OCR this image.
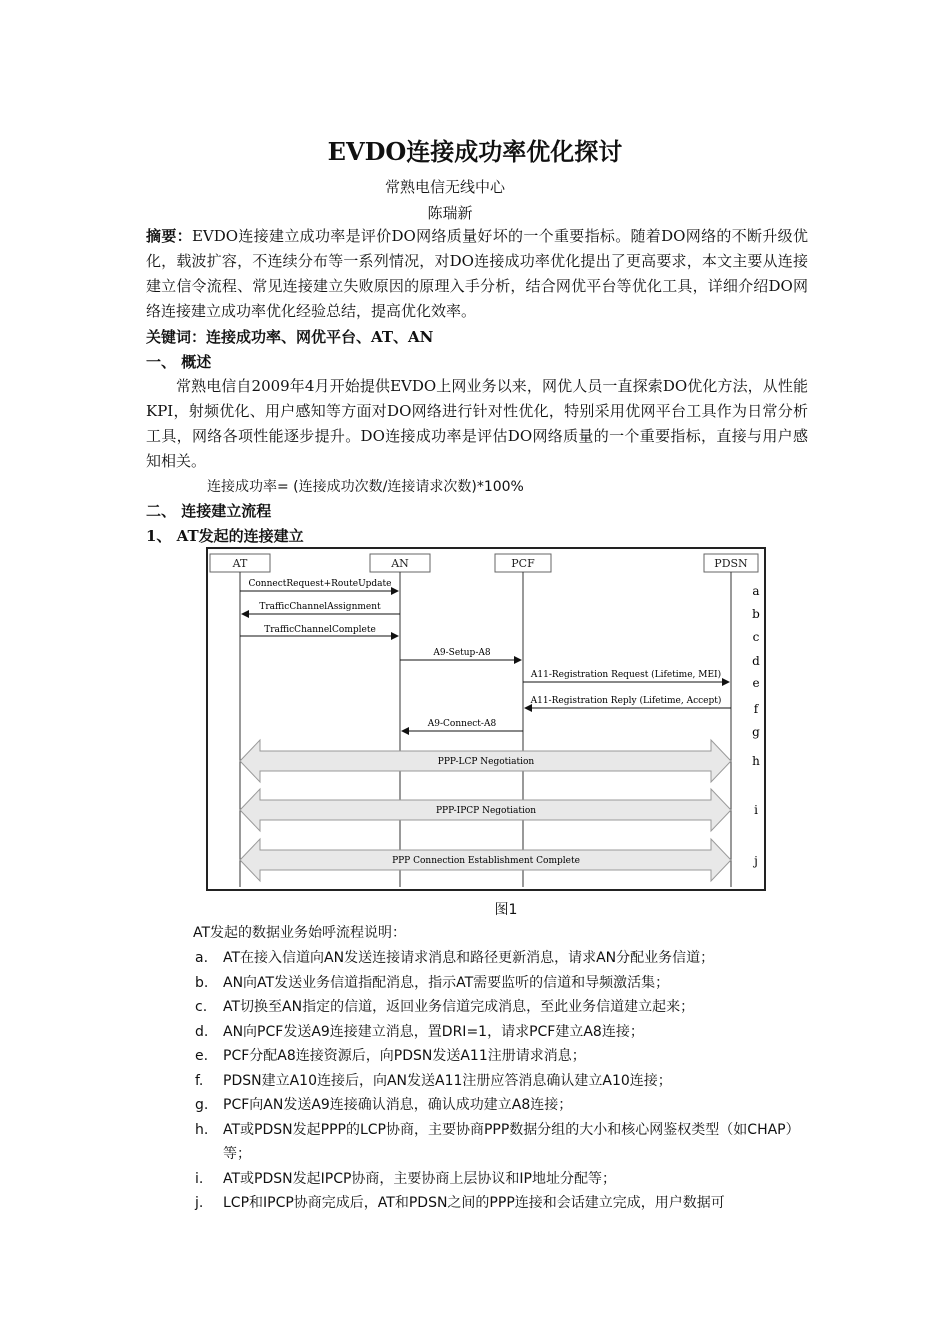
EVDO连接成功率优化探讨
常熟电信无线中心
陈瑞新
摘要：EVDO连接建立成功率是评价DO网络质量好坏的一个重要指标。随着DO网络的不断升级优化，载波扩容，不连续分布等一系列情况，对DO连接成功率优化提出了更高要求，本文主要从连接建立信令流程、常见连接建立失败原因的原理入手分析，结合网优平台等优化工具，详细介绍DO网络连接建立成功率优化经验总结，提高优化效率。
关键词：连接成功率、网优平台、AT、AN
一、 概述
常熟电信自2009年4月开始提供EVDO上网业务以来，网优人员一直探索DO优化方法，从性能KPI，射频优化、用户感知等方面对DO网络进行针对性优化，特别采用优网平台工具作为日常分析工具，网络各项性能逐步提升。DO连接成功率是评估DO网络质量的一个重要指标，直接与用户感知相关。
连接成功率= (连接成功次数/连接请求次数)*100%
二、 连接建立流程
1、 AT发起的连接建立
AT	AN	PCF	PDSN
ConnectRequest+RouteUpdate	a
TrafficChannelAssignment	b
TrafficChannelComplete	c
A9-Setup-A8
d
A11-Registration Request (Lifetime, MEI)
e
A11-Registration Reply (Lifetime, Accept)
f
A9-Connect-A8
g
PPP-LCP Negotiation	h
PPP-IPCP Negotiation	i
PPP Connection Establishment Complete	j
图1
AT发起的数据业务始呼流程说明：
a. AT在接入信道向AN发送连接请求消息和路径更新消息，请求AN分配业务信道；
b. AN向AT发送业务信道指配消息，指示AT需要监听的信道和导频激活集；
c. AT切换至AN指定的信道，返回业务信道完成消息，至此业务信道建立起来；
d. AN向PCF发送A9连接建立消息，置DRI=1，请求PCF建立A8连接；
e. PCF分配A8连接资源后，向PDSN发送A11注册请求消息；
f. PDSN建立A10连接后，向AN发送A11注册应答消息确认建立A10连接；
g. PCF向AN发送A9连接确认消息，确认成功建立A8连接；
h. AT或PDSN发起PPP的LCP协商，主要协商PPP数据分组的大小和核心网鉴权类型（如CHAP）等；
i. AT或PDSN发起IPCP协商，主要协商上层协议和IP地址分配等；
j. LCP和IPCP协商完成后，AT和PDSN之间的PPP连接和会话建立完成，用户数据可
